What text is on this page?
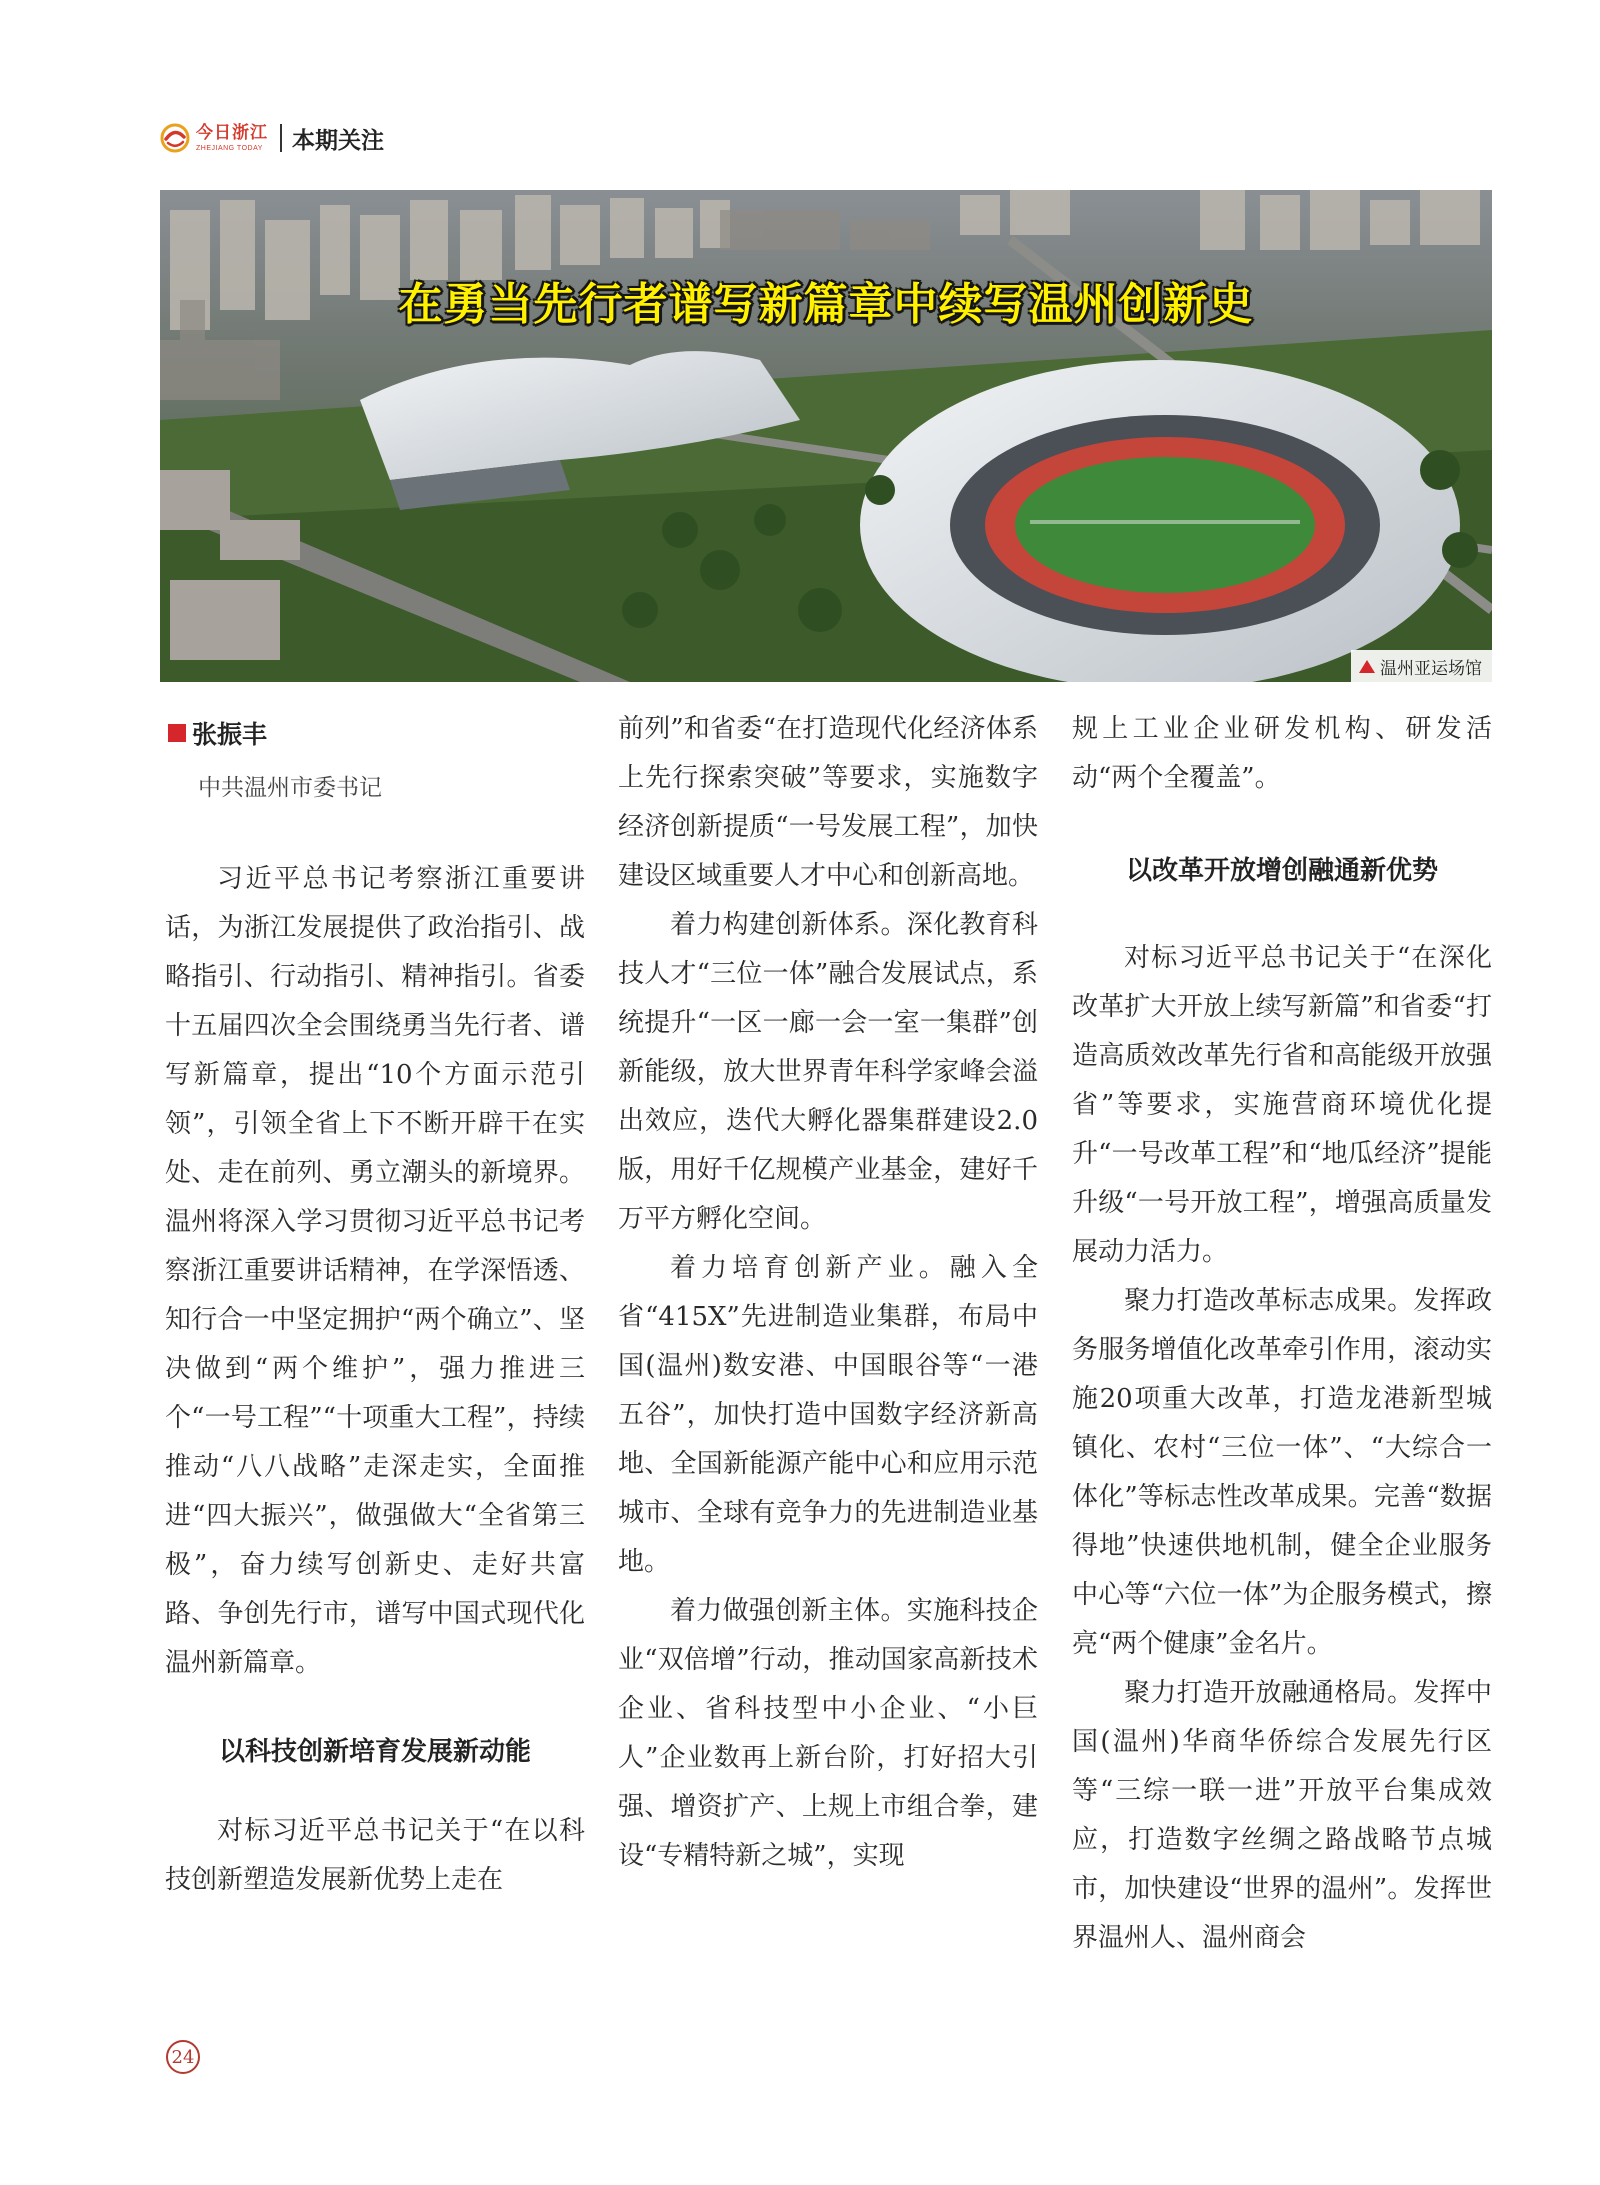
今日浙江
ZHEJIANG TODAY 本期关注
在勇当先行者谱写新篇章中续写温州创新史
温州亚运场馆
张振丰
中共温州市委书记

习近平总书记考察浙江重要讲话，为浙江发展提供了政治指引、战略指引、行动指引、精神指引。省委十五届四次全会围绕勇当先行者、谱写新篇章，提出“10个方面示范引领”，引领全省上下不断开辟干在实处、走在前列、勇立潮头的新境界。温州将深入学习贯彻习近平总书记考察浙江重要讲话精神，在学深悟透、知行合一中坚定拥护“两个确立”、坚决做到“两个维护”，强力推进三个“一号工程”“十项重大工程”，持续推动“八八战略”走深走实，全面推进“四大振兴”，做强做大“全省第三极”，奋力续写创新史、走好共富路、争创先行市，谱写中国式现代化温州新篇章。

以科技创新培育发展新动能

对标习近平总书记关于“在以科技创新塑造发展新优势上走在

前列”和省委“在打造现代化经济体系上先行探索突破”等要求，实施数字经济创新提质“一号发展工程”，加快建设区域重要人才中心和创新高地。

着力构建创新体系。深化教育科技人才“三位一体”融合发展试点，系统提升“一区一廊一会一室一集群”创新能级，放大世界青年科学家峰会溢出效应，迭代大孵化器集群建设2.0版，用好千亿规模产业基金，建好千万平方孵化空间。

着力培育创新产业。融入全省“415X”先进制造业集群，布局中国(温州)数安港、中国眼谷等“一港五谷”，加快打造中国数字经济新高地、全国新能源产能中心和应用示范城市、全球有竞争力的先进制造业基地。

着力做强创新主体。实施科技企业“双倍增”行动，推动国家高新技术企业、省科技型中小企业、“小巨人”企业数再上新台阶，打好招大引强、增资扩产、上规上市组合拳，建设“专精特新之城”，实现

规上工业企业研发机构、研发活动“两个全覆盖”。

以改革开放增创融通新优势

对标习近平总书记关于“在深化改革扩大开放上续写新篇”和省委“打造高质效改革先行省和高能级开放强省”等要求，实施营商环境优化提升“一号改革工程”和“地瓜经济”提能升级“一号开放工程”，增强高质量发展动力活力。

聚力打造改革标志成果。发挥政务服务增值化改革牵引作用，滚动实施20项重大改革，打造龙港新型城镇化、农村“三位一体”、“大综合一体化”等标志性改革成果。完善“数据得地”快速供地机制，健全企业服务中心等“六位一体”为企服务模式，擦亮“两个健康”金名片。

聚力打造开放融通格局。发挥中国(温州)华商华侨综合发展先行区等“三综一联一进”开放平台集成效应，打造数字丝绸之路战略节点城市，加快建设“世界的温州”。发挥世界温州人、温州商会

24
